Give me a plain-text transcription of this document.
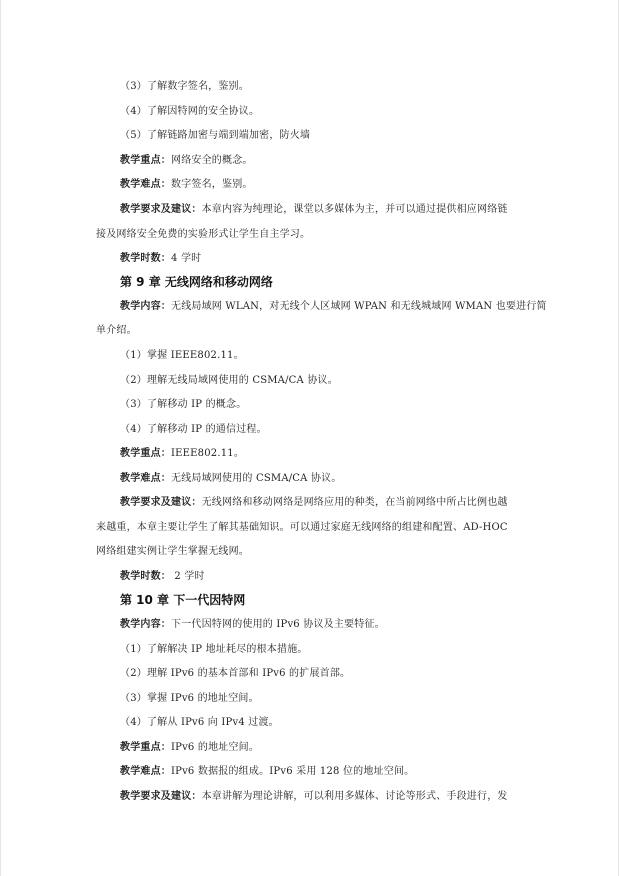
（3）了解数字签名，鉴别。
（4）了解因特网的安全协议。
（5）了解链路加密与端到端加密，防火墙
教学重点：网络安全的概念。
教学难点：数字签名，鉴别。
教学要求及建议：本章内容为纯理论，课堂以多媒体为主，并可以通过提供相应网络链
接及网络安全免费的实验形式让学生自主学习。
教学时数：4 学时
第 9 章 无线网络和移动网络
教学内容：无线局域网 WLAN，对无线个人区域网 WPAN 和无线城域网 WMAN 也要进行简
单介绍。
（1）掌握 IEEE802.11。
（2）理解无线局域网使用的 CSMA/CA 协议。
（3）了解移动 IP 的概念。
（4）了解移动 IP 的通信过程。
教学重点：IEEE802.11。
教学难点：无线局域网使用的 CSMA/CA 协议。
教学要求及建议：无线网络和移动网络是网络应用的种类，在当前网络中所占比例也越
来越重，本章主要让学生了解其基础知识。可以通过家庭无线网络的组建和配置、AD-HOC
网络组建实例让学生掌握无线网。
教学时数： 2 学时
第 10 章 下一代因特网
教学内容：下一代因特网的使用的 IPv6 协议及主要特征。
（1）了解解决 IP 地址耗尽的根本措施。
（2）理解 IPv6 的基本首部和 IPv6 的扩展首部。
（3）掌握 IPv6 的地址空间。
（4）了解从 IPv6 向 IPv4 过渡。
教学重点：IPv6 的地址空间。
教学难点：IPv6 数据报的组成。IPv6 采用 128 位的地址空间。
教学要求及建议：本章讲解为理论讲解，可以利用多媒体、讨论等形式、手段进行，发
